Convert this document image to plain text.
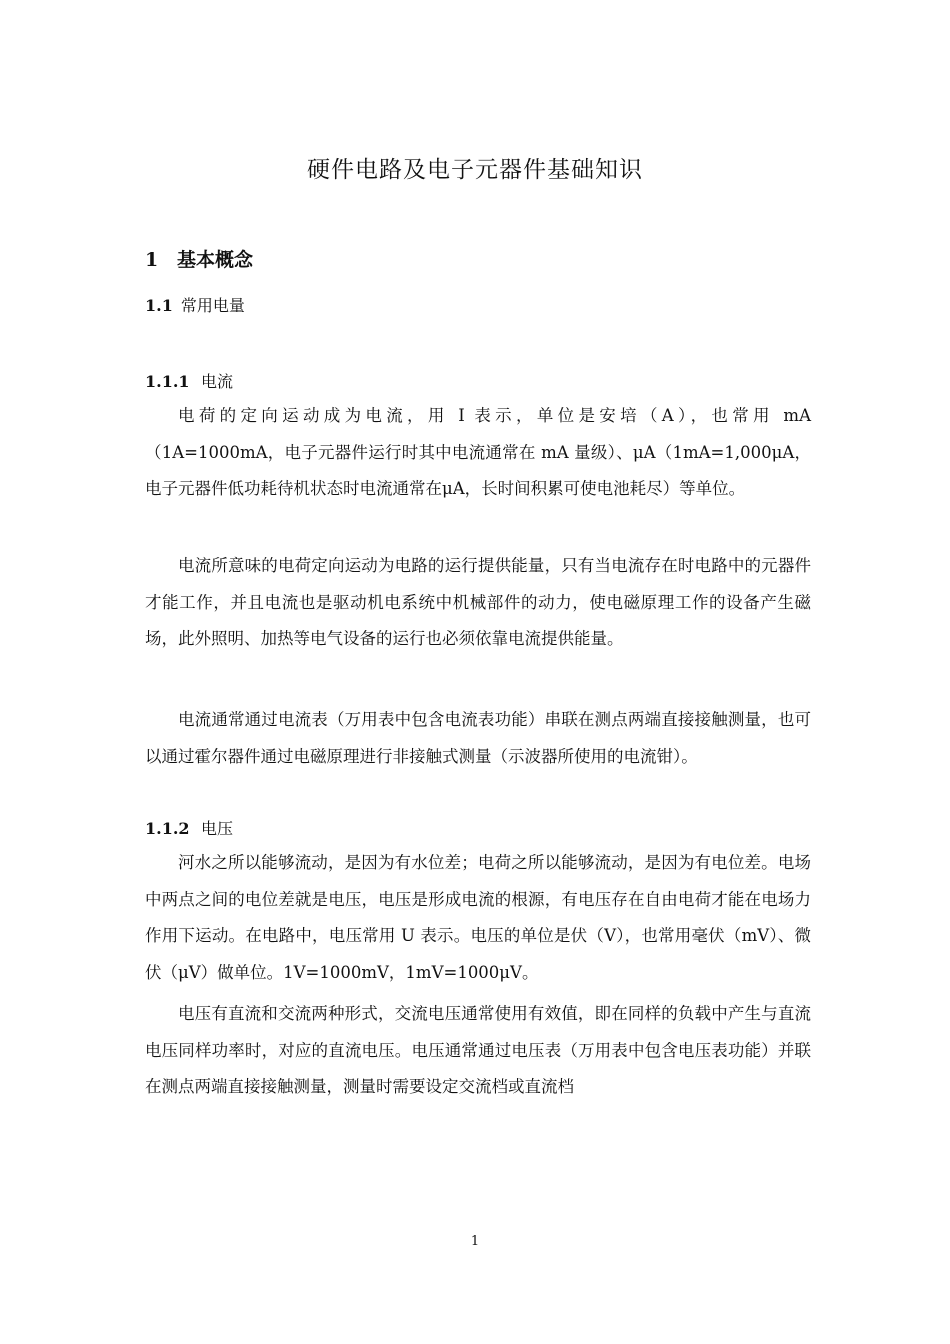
硬件电路及电子元器件基础知识
1 基本概念
1.1 常用电量
1.1.1 电流

电荷的定向运动成为电流，用 I 表示，单位是安培（A），也常用 mA（1A=1000mA，电子元器件运行时其中电流通常在 mA 量级）、μA（1mA=1,000μA，电子元器件低功耗待机状态时电流通常在μA，长时间积累可使电池耗尽）等单位。

电流所意味的电荷定向运动为电路的运行提供能量，只有当电流存在时电路中的元器件才能工作，并且电流也是驱动机电系统中机械部件的动力，使电磁原理工作的设备产生磁场，此外照明、加热等电气设备的运行也必须依靠电流提供能量。

电流通常通过电流表（万用表中包含电流表功能）串联在测点两端直接接触测量，也可以通过霍尔器件通过电磁原理进行非接触式测量（示波器所使用的电流钳）。

1.1.2 电压

河水之所以能够流动，是因为有水位差；电荷之所以能够流动，是因为有电位差。电场中两点之间的电位差就是电压，电压是形成电流的根源，有电压存在自由电荷才能在电场力作用下运动。在电路中，电压常用 U 表示。电压的单位是伏（V），也常用毫伏（mV）、微伏（μV）做单位。1V=1000mV，1mV=1000μV。

电压有直流和交流两种形式，交流电压通常使用有效值，即在同样的负载中产生与直流电压同样功率时，对应的直流电压。电压通常通过电压表（万用表中包含电压表功能）并联在测点两端直接接触测量，测量时需要设定交流档或直流档

1
